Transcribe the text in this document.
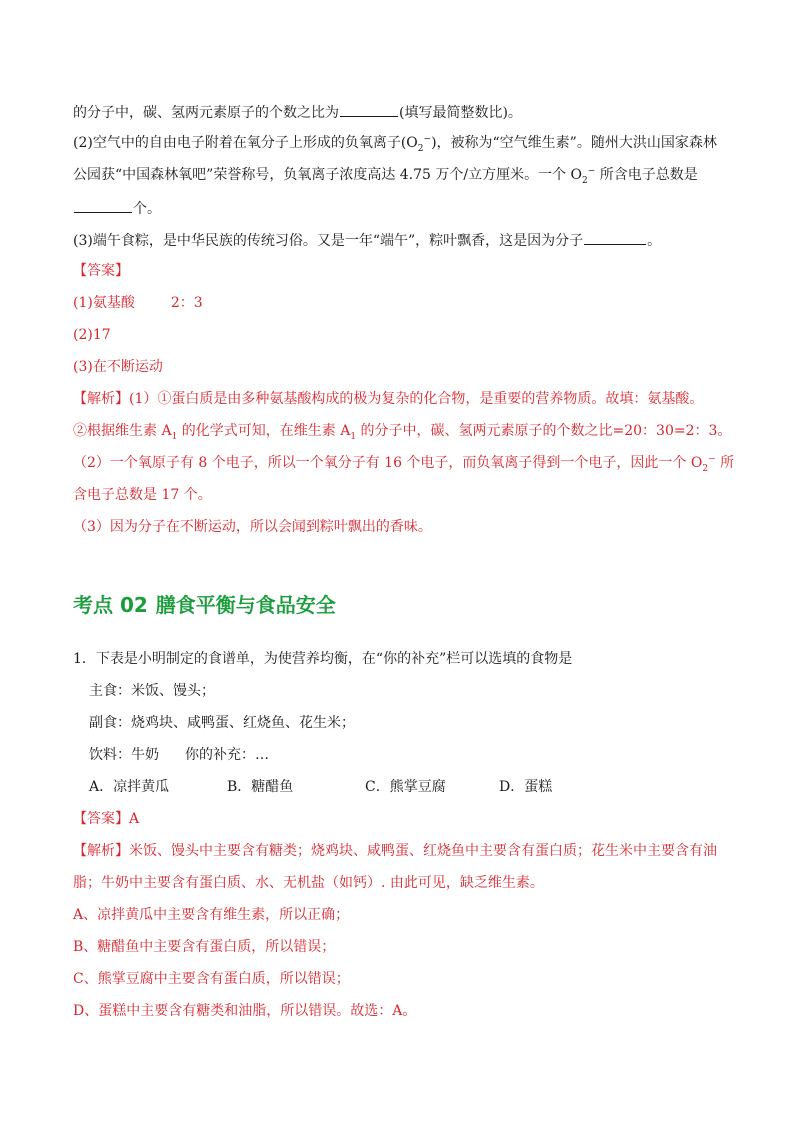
的分子中，碳、氢两元素原子的个数之比为	(填写最简整数比)。
(2)空气中的自由电子附着在氧分子上形成的负氧离子$(O_2^-)$，被称为“空气维生素”。随州大洪山国家森林
公园获“中国森林氧吧”荣誉称号，负氧离子浓度高达 4.75 万个/立方厘米。一个 $O_2^-$ 所含电子总数是
个。
(3)端午食粽，是中华民族的传统习俗。又是一年“端午”，粽叶飘香，这是因为分子	。
【答案】
(1)氨基酸	2：3
(2)17
(3)在不断运动
【解析】(1）①蛋白质是由多种氨基酸构成的极为复杂的化合物，是重要的营养物质。故填：氨基酸。
②根据维生素 $A_1$ 的化学式可知，在维生素 $A_1$ 的分子中，碳、氢两元素原子的个数之比=20：30=2：3。
（2）一个氧原子有 8 个电子，所以一个氧分子有 16 个电子，而负氧离子得到一个电子，因此一个 $O_2^-$ 所
含电子总数是 17 个。
（3）因为分子在不断运动，所以会闻到粽叶飘出的香味。
考点 02 膳食平衡与食品安全
1．下表是小明制定的食谱单，为使营养均衡，在“你的补充”栏可以选填的食物是
主食：米饭、馒头；
副食：烧鸡块、咸鸭蛋、红烧鱼、花生米；
饮料：牛奶 你的补充：…
A．凉拌黄瓜	B．糖醋鱼	C．熊掌豆腐	D．蛋糕
【答案】A
【解析】米饭、馒头中主要含有糖类；烧鸡块、咸鸭蛋、红烧鱼中主要含有蛋白质；花生米中主要含有油
脂；牛奶中主要含有蛋白质、水、无机盐（如钙）. 由此可见，缺乏维生素。
A、凉拌黄瓜中主要含有维生素，所以正确；
B、糖醋鱼中主要含有蛋白质，所以错误；
C、熊掌豆腐中主要含有蛋白质，所以错误；
D、蛋糕中主要含有糖类和油脂，所以错误。故选：A。
